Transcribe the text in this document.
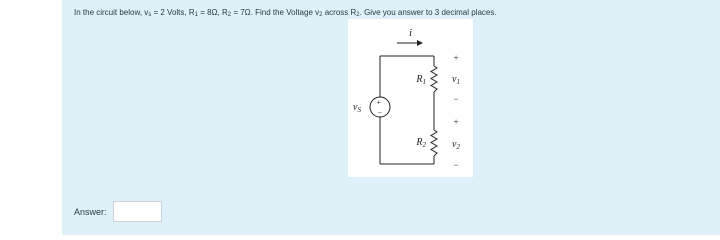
In the circuit below, $v_s = 2$ Volts, $R_1 = 8\Omega$, $R_2 = 7\Omega$. Find the Voltage $v_2$ across $R_2$. Give you answer to 3 decimal places.
i
+
−
$R_1$
$R_2$
$v_S$
+
$v_1$
−
+
$v_2$
−
Answer:
